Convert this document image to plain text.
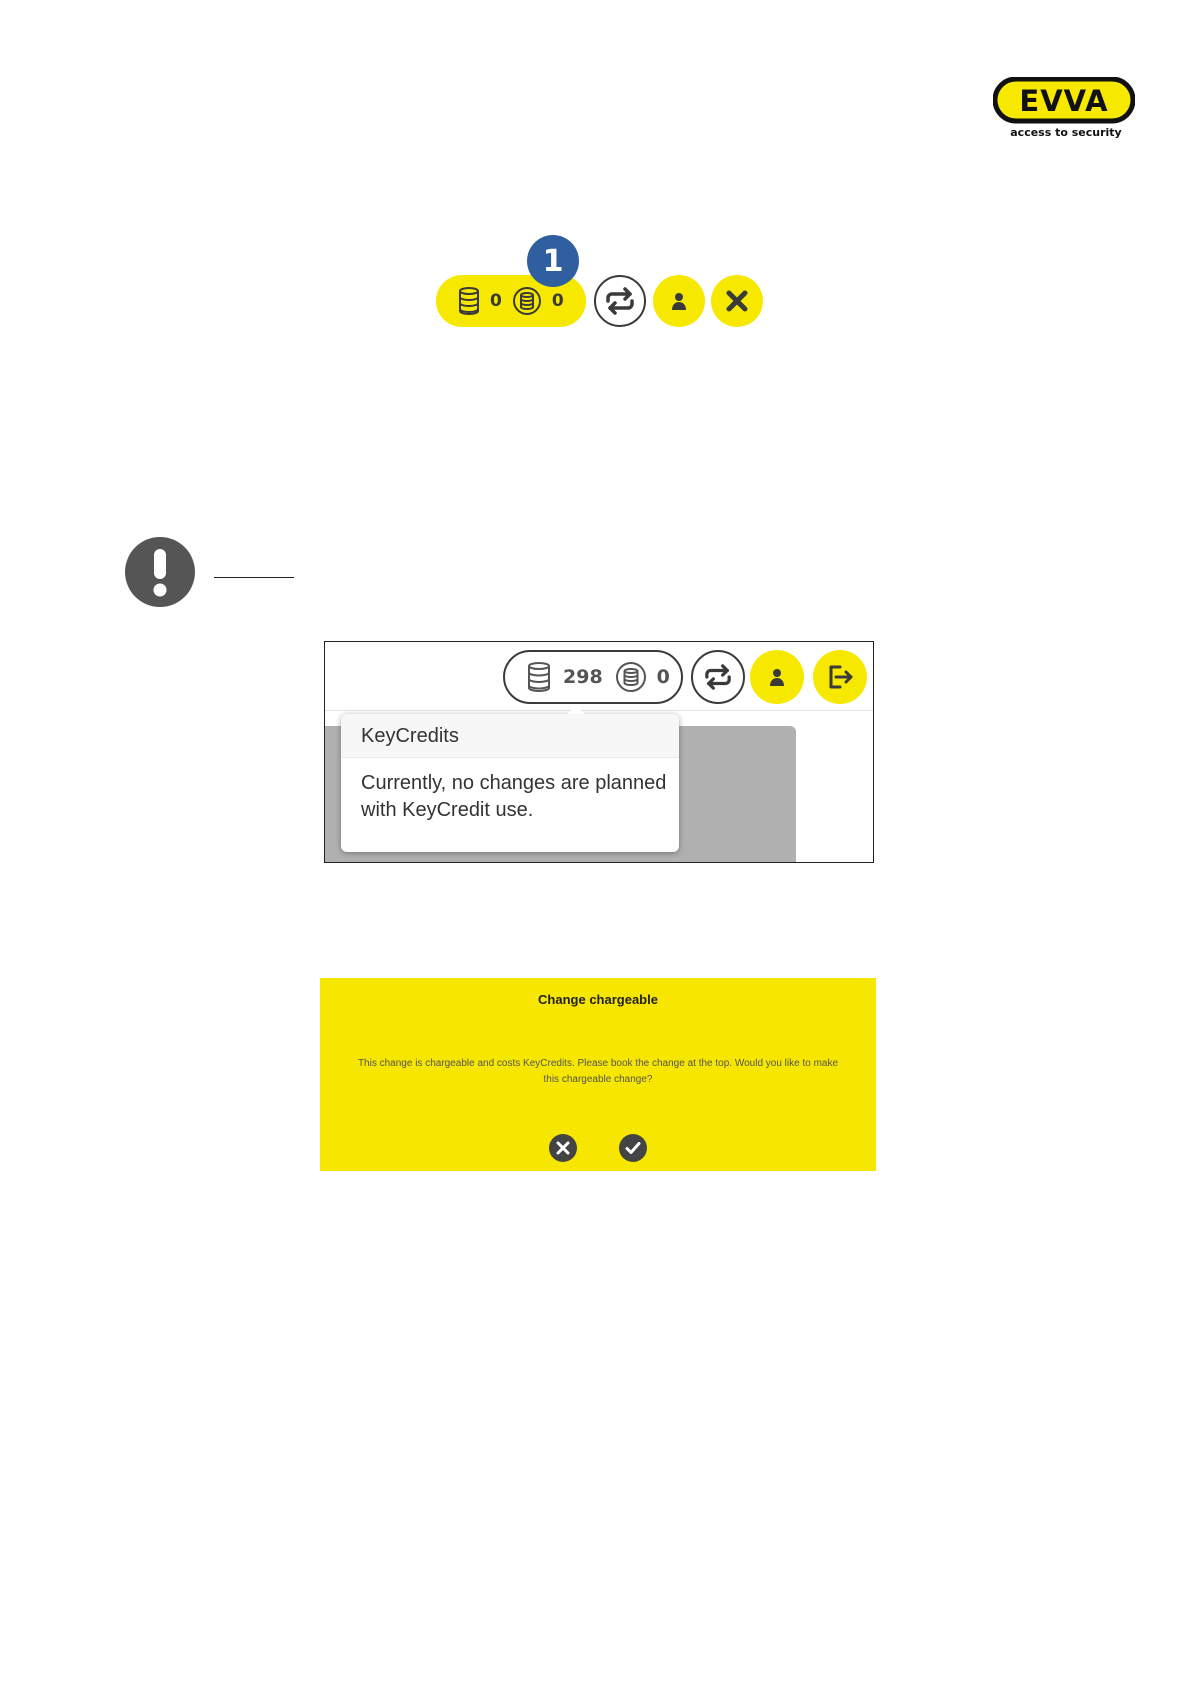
EVVA
access to security
0	0
1
298	0
KeyCredits
Currently, no changes are planned
with KeyCredit use.
Change chargeable
This change is chargeable and costs KeyCredits. Please book the change at the top. Would you like to make
this chargeable change?
